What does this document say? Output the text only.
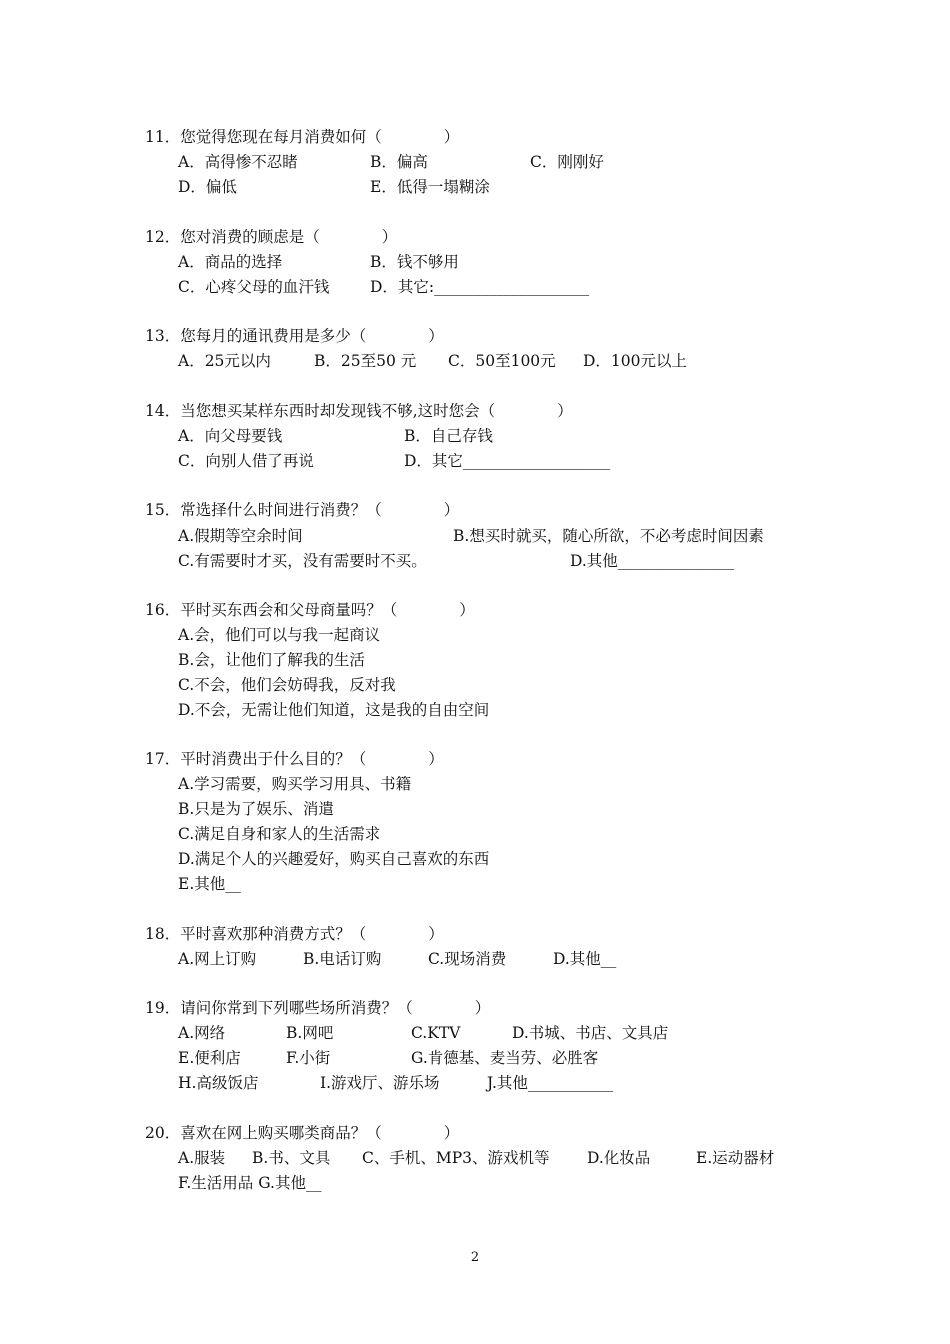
11．您觉得您现在每月消费如何（　　　　）
A．高得惨不忍睹	B．偏高	C．刚刚好
D．偏低	E．低得一塌糊涂
12．您对消费的顾虑是（　　　　）
A．商品的选择	B．钱不够用
C．心疼父母的血汗钱	D．其它:____________________
13．您每月的通讯费用是多少（　　　　）
A．25元以内	B．25至50 元 C．50至100元 D．100元以上
14．当您想买某样东西时却发现钱不够,这时您会（　　　　）
A．向父母要钱	B．自己存钱
C．向别人借了再说	D．其它___________________
15．常选择什么时间进行消费？（　　　　）
A.假期等空余时间	B.想买时就买，随心所欲，不必考虑时间因素
C.有需要时才买，没有需要时不买。	D.其他_______________
16．平时买东西会和父母商量吗？（　　　　）
A.会，他们可以与我一起商议
B.会，让他们了解我的生活
C.不会，他们会妨碍我，反对我
D.不会，无需让他们知道，这是我的自由空间
17．平时消费出于什么目的？（　　　　）
A.学习需要，购买学习用具、书籍
B.只是为了娱乐、消遣
C.满足自身和家人的生活需求
D.满足个人的兴趣爱好，购买自己喜欢的东西
E.其他__
18．平时喜欢那种消费方式？（　　　　）
A.网上订购	B.电话订购	C.现场消费	D.其他__
19．请问你常到下列哪些场所消费？（　　　　）
A.网络	B.网吧	C.KTV	D.书城、书店、文具店
E.便利店	F.小街	G.肯德基、麦当劳、必胜客
H.高级饭店	I.游戏厅、游乐场	J.其他___________
20．喜欢在网上购买哪类商品？（　　　　）
A.服装 B.书、文具 C、手机、MP3、游戏机等 D.化妆品	E.运动器材
F.生活用品 G.其他__
2
